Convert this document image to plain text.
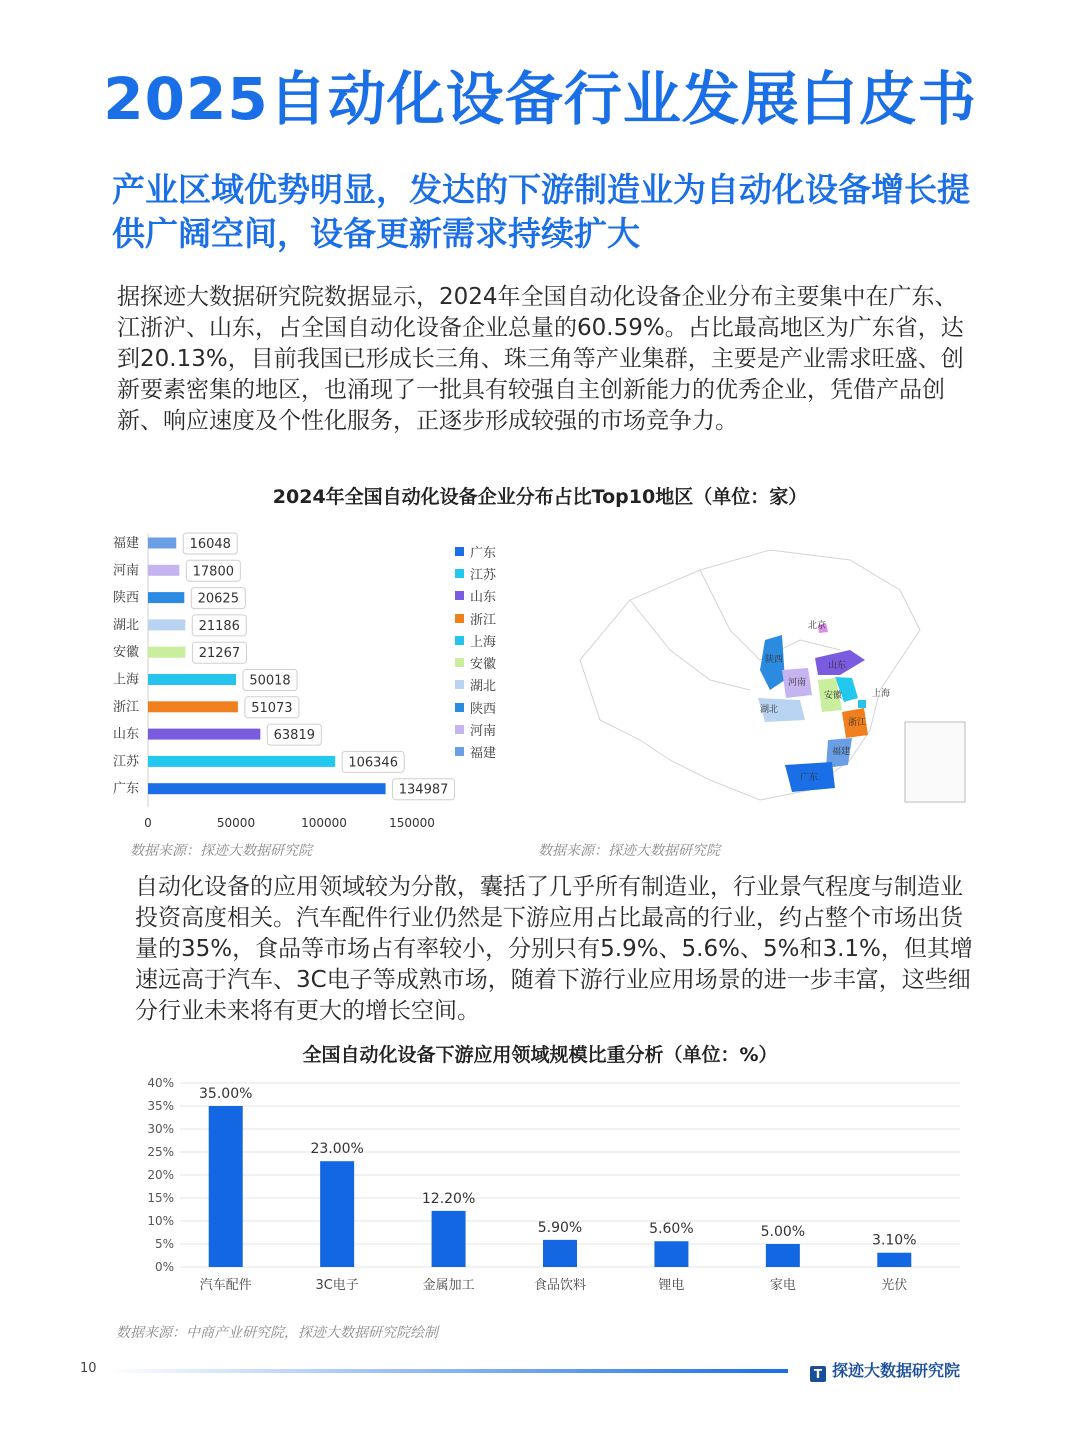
2025自动化设备行业发展白皮书
产业区域优势明显，发达的下游制造业为自动化设备增长提供广阔空间，设备更新需求持续扩大
据探迹大数据研究院数据显示，2024年全国自动化设备企业分布主要集中在广东、江浙沪、山东，占全国自动化设备企业总量的60.59%。占比最高地区为广东省，达到20.13%，目前我国已形成长三角、珠三角等产业集群，主要是产业需求旺盛、创新要素密集的地区，也涌现了一批具有较强自主创新能力的优秀企业，凭借产品创新、响应速度及个性化服务，正逐步形成较强的市场竞争力。
2024年全国自动化设备企业分布占比Top10地区（单位：家）
0	50000	100000	150000
福建	16048
河南	17800
陕西	20625
湖北	21186
安徽	21267
上海	50018
浙江	51073
山东	63819
江苏	106346
广东	134987
数据来源：探迹大数据研究院
广东
江苏
山东
浙江
上海
安徽
湖北
陕西
河南
福建
北京
陕西
河南
山东
安徽
湖北
上海
浙江
福建
广东
数据来源：探迹大数据研究院
自动化设备的应用领域较为分散，囊括了几乎所有制造业，行业景气程度与制造业投资高度相关。汽车配件行业仍然是下游应用占比最高的行业，约占整个市场出货量的35%，食品等市场占有率较小，分别只有5.9%、5.6%、5%和3.1%，但其增速远高于汽车、3C电子等成熟市场，随着下游行业应用场景的进一步丰富，这些细分行业未来将有更大的增长空间。
全国自动化设备下游应用领域规模比重分析（单位：%）
0%
5%
10%
15%
20%
25%
30%
35%
40%
35.00%
汽车配件
23.00%
3C电子
12.20%
金属加工
5.90%
食品饮料
5.60%
锂电
5.00%
家电
3.10%
光伏
数据来源：中商产业研究院，探迹大数据研究院绘制
10	T 探迹大数据研究院
